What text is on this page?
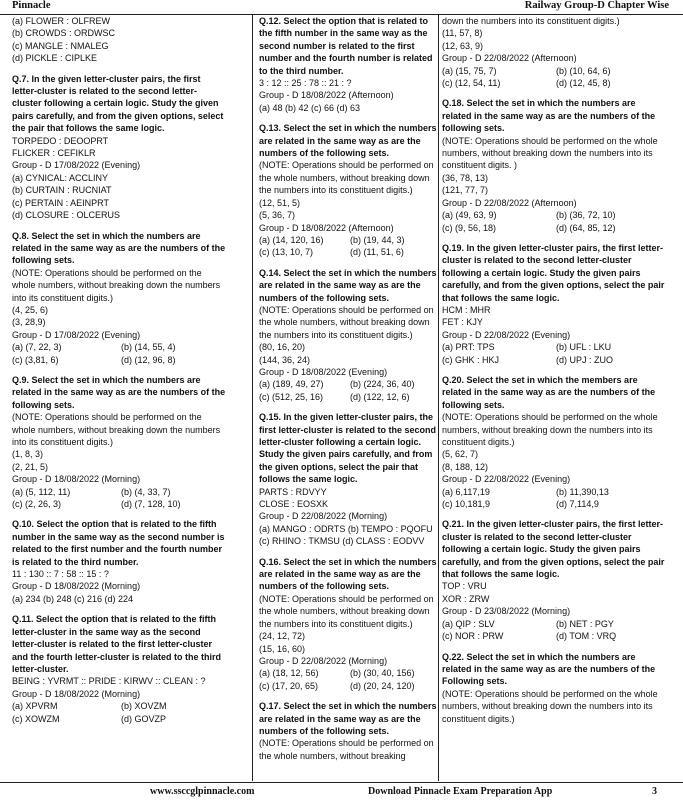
Pinnacle	Railway Group-D Chapter Wise

(a) FLOWER : OLFREW

(b) CROWDS : ORDWSC

(c) MANGLE : NMALEG

(d) PICKLE : CIPLKE

Q.7. In the given letter-cluster pairs, the first letter-cluster is related to the second letter-cluster following a certain logic. Study the given pairs carefully, and from the given options, select the pair that follows the same logic.

TORPEDO : DEOOPRT

FLICKER : CEFIKLR

Group - D 17/08/2022 (Evening)

(a) CYNICAL: ACCLINY

(b) CURTAIN : RUCNIAT

(c) PERTAIN : AEINPRT

(d) CLOSURE : OLCERUS

Q.8. Select the set in which the numbers are related in the same way as are the numbers of the following sets.

(NOTE: Operations should be performed on the whole numbers, without breaking down the numbers into its constituent digits.)

(4, 25, 6)

(3, 28,9)

Group - D 17/08/2022 (Evening)

(a) (7, 22, 3)	(b) (14, 55, 4)
(c) (3,81, 6)	(d) (12, 96, 8)

Q.9. Select the set in which the numbers are related in the same way as are the numbers of the following sets.

(NOTE: Operations should be performed on the whole numbers, without breaking down the numbers into its constituent digits.)

(1, 8, 3)

(2, 21, 5)

Group - D 18/08/2022 (Morning)

(a) (5, 112, 11)	(b) (4, 33, 7)
(c) (2, 26, 3)	(d) (7, 128, 10)

Q.10. Select the option that is related to the fifth number in the same way as the second number is related to the first number and the fourth number is related to the third number.

11 : 130 :: 7 : 58 :: 15 : ?

Group - D 18/08/2022 (Morning)

(a) 234 (b) 248 (c) 216 (d) 224

Q.11. Select the option that is related to the fifth letter-cluster in the same way as the second letter-cluster is related to the first letter-cluster and the fourth letter-cluster is related to the third letter-cluster.

BEING : YVRMT :: PRIDE : KIRWV :: CLEAN : ?

Group - D 18/08/2022 (Morning)

(a) XPVRM	(b) XOVZM
(c) XOWZM	(d) GOVZP

Q.12. Select the option that is related to the fifth number in the same way as the second number is related to the first number and the fourth number is related to the third number.

3 : 12 :: 25 : 78 :: 21 : ?

Group - D 18/08/2022 (Afternoon)

(a) 48 (b) 42 (c) 66 (d) 63

Q.13. Select the set in which the numbers are related in the same way as are the numbers of the following sets.

(NOTE: Operations should be performed on the whole numbers, without breaking down the numbers into its constituent digits.)

(12, 51, 5)

(5, 36, 7)

Group - D 18/08/2022 (Afternoon)

(a) (14, 120, 16)	(b) (19, 44, 3)
(c) (13, 10, 7)	(d) (11, 51, 6)

Q.14. Select the set in which the numbers are related in the same way as are the numbers of the following sets.

(NOTE: Operations should be performed on the whole numbers, without breaking down the numbers into its constituent digits.)

(80, 16, 20)

(144, 36, 24)

Group - D 18/08/2022 (Evening)

(a) (189, 49, 27)	(b) (224, 36, 40)
(c) (512, 25, 16)	(d) (122, 12, 6)

Q.15. In the given letter-cluster pairs, the first letter-cluster is related to the second letter-cluster following a certain logic. Study the given pairs carefully, and from the given options, select the pair that follows the same logic.

PARTS : RDVYY

CLOSE : EOSXK

Group - D 22/08/2022 (Morning)

(a) MANGO : ODRTS (b) TEMPO : PQOFU

(c) RHINO : TKMSU (d) CLASS : EODVV

Q.16. Select the set in which the numbers are related in the same way as are the numbers of the following sets.

(NOTE: Operations should be performed on the whole numbers, without breaking down the numbers into its constituent digits.)

(24, 12, 72)

(15, 16, 60)

Group - D 22/08/2022 (Morning)

(a) (18, 12, 56)	(b) (30, 40, 156)
(c) (17, 20, 65)	(d) (20, 24, 120)

Q.17. Select the set in which the numbers are related in the same way as are the numbers of the following sets.

(NOTE: Operations should be performed on the whole numbers, without breaking

down the numbers into its constituent digits.)

(11, 57, 8)

(12, 63, 9)

Group - D 22/08/2022 (Afternoon)

(a) (15, 75, 7)	(b) (10, 64, 6)
(c) (12, 54, 11)	(d) (12, 45, 8)

Q.18. Select the set in which the numbers are related in the same way as are the numbers of the following sets.

(NOTE: Operations should be performed on the whole numbers, without breaking down the numbers into its constituent digits. )

(36, 78, 13)

(121, 77, 7)

Group - D 22/08/2022 (Afternoon)

(a) (49, 63, 9)	(b) (36, 72, 10)
(c) (9, 56, 18)	(d) (64, 85, 12)

Q.19. In the given letter-cluster pairs, the first letter-cluster is related to the second letter-cluster following a certain logic. Study the given pairs carefully, and from the given options, select the pair that follows the same logic.

HCM : MHR

FET : KJY

Group - D 22/08/2022 (Evening)

(a) PRT: TPS	(b) UFL : LKU
(c) GHK : HKJ	(d) UPJ : ZUO

Q.20. Select the set in which the members are related in the same way as are the numbers of the following sets.

(NOTE: Operations should be performed on the whole numbers, without breaking down the numbers into its constituent digits.)

(5, 62, 7)

(8, 188, 12)

Group - D 22/08/2022 (Evening)

(a) 6,117,19	(b) 11,390,13
(c) 10,181,9	(d) 7,114,9

Q.21. In the given letter-cluster pairs, the first letter-cluster is related to the second letter-cluster following a certain logic. Study the given pairs carefully, and from the given options, select the pair that follows the same logic.

TOP : VRU

XOR : ZRW

Group - D 23/08/2022 (Morning)

(a) QIP : SLV	(b) NET : PGY
(c) NOR : PRW	(d) TOM : VRQ

Q.22. Select the set in which the numbers are related in the same way as are the numbers of the Following sets.

(NOTE: Operations should be performed on the whole numbers, without breaking down the numbers into its constituent digits.)

www.ssccglpinnacle.com	Download Pinnacle Exam Preparation App	3
